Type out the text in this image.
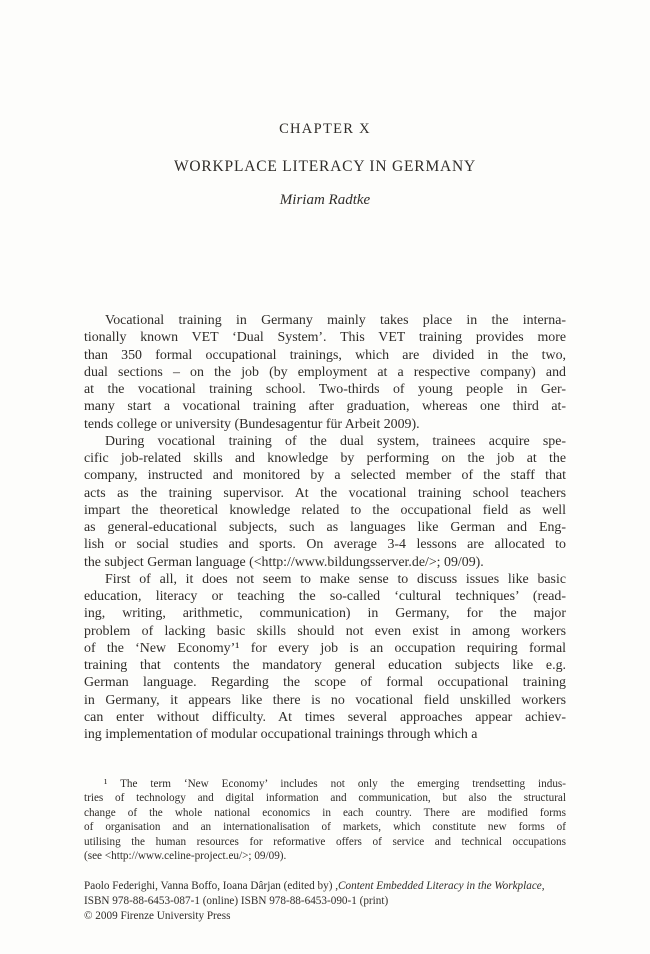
CHAPTER X
WORKPLACE LITERACY IN GERMANY
Miriam Radtke
Vocational training in Germany mainly takes place in the interna-
tionally known VET ‘Dual System’. This VET training provides more
than 350 formal occupational trainings, which are divided in the two,
dual sections – on the job (by employment at a respective company) and
at the vocational training school. Two-thirds of young people in Ger-
many start a vocational training after graduation, whereas one third at-
tends college or university (Bundesagentur für Arbeit 2009).
During vocational training of the dual system, trainees acquire spe-
cific job-related skills and knowledge by performing on the job at the
company, instructed and monitored by a selected member of the staff that
acts as the training supervisor. At the vocational training school teachers
impart the theoretical knowledge related to the occupational field as well
as general-educational subjects, such as languages like German and Eng-
lish or social studies and sports. On average 3-4 lessons are allocated to
the subject German language (<http://www.bildungsserver.de/>; 09/09).
First of all, it does not seem to make sense to discuss issues like basic
education, literacy or teaching the so-called ‘cultural techniques’ (read-
ing, writing, arithmetic, communication) in Germany, for the major
problem of lacking basic skills should not even exist in among workers
of the ‘New Economy’¹ for every job is an occupation requiring formal
training that contents the mandatory general education subjects like e.g.
German language. Regarding the scope of formal occupational training
in Germany, it appears like there is no vocational field unskilled workers
can enter without difficulty. At times several approaches appear achiev-
ing implementation of modular occupational trainings through which a
¹ The term ‘New Economy’ includes not only the emerging trendsetting indus-
tries of technology and digital information and communication, but also the structural
change of the whole national economics in each country. There are modified forms
of organisation and an internationalisation of markets, which constitute new forms of
utilising the human resources for reformative offers of service and technical occupations
(see <http://www.celine-project.eu/>; 09/09).
Paolo Federighi, Vanna Boffo, Ioana Dârjan (edited by) ,Content Embedded Literacy in the Workplace,
ISBN 978-88-6453-087-1 (online) ISBN 978-88-6453-090-1 (print)
© 2009 Firenze University Press
